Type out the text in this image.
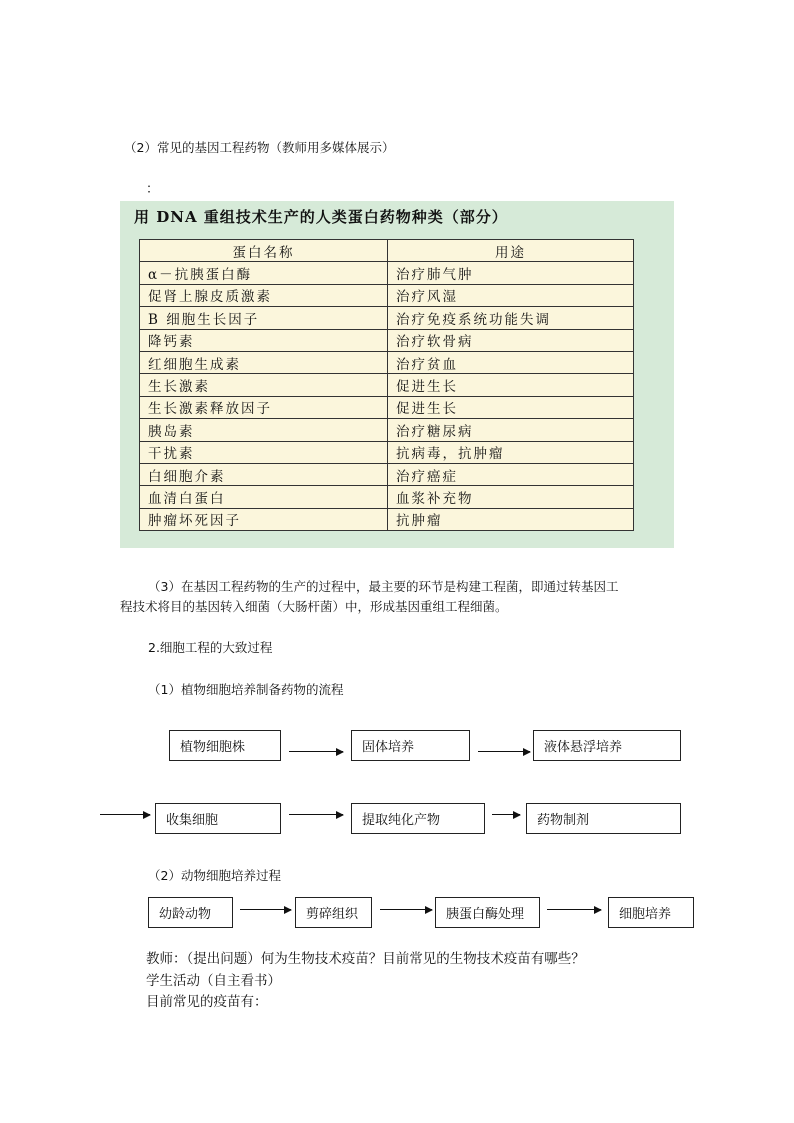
（2）常见的基因工程药物（教师用多媒体展示）
：
用 DNA 重组技术生产的人类蛋白药物种类（部分）
蛋白名称	用途
α－抗胰蛋白酶	治疗肺气肿
促肾上腺皮质激素	治疗风湿
B 细胞生长因子	治疗免疫系统功能失调
降钙素	治疗软骨病
红细胞生成素	治疗贫血
生长激素	促进生长
生长激素释放因子	促进生长
胰岛素	治疗糖尿病
干扰素	抗病毒，抗肿瘤
白细胞介素	治疗癌症
血清白蛋白	血浆补充物
肿瘤坏死因子	抗肿瘤
（3）在基因工程药物的生产的过程中，最主要的环节是构建工程菌，即通过转基因工
程技术将目的基因转入细菌（大肠杆菌）中，形成基因重组工程细菌。
2.细胞工程的大致过程
（1）植物细胞培养制备药物的流程
植物细胞株	固体培养	液体悬浮培养
收集细胞	提取纯化产物	药物制剂
（2）动物细胞培养过程
幼龄动物	剪碎组织	胰蛋白酶处理	细胞培养
教师：（提出问题）何为生物技术疫苗？目前常见的生物技术疫苗有哪些？
学生活动（自主看书）
目前常见的疫苗有：
